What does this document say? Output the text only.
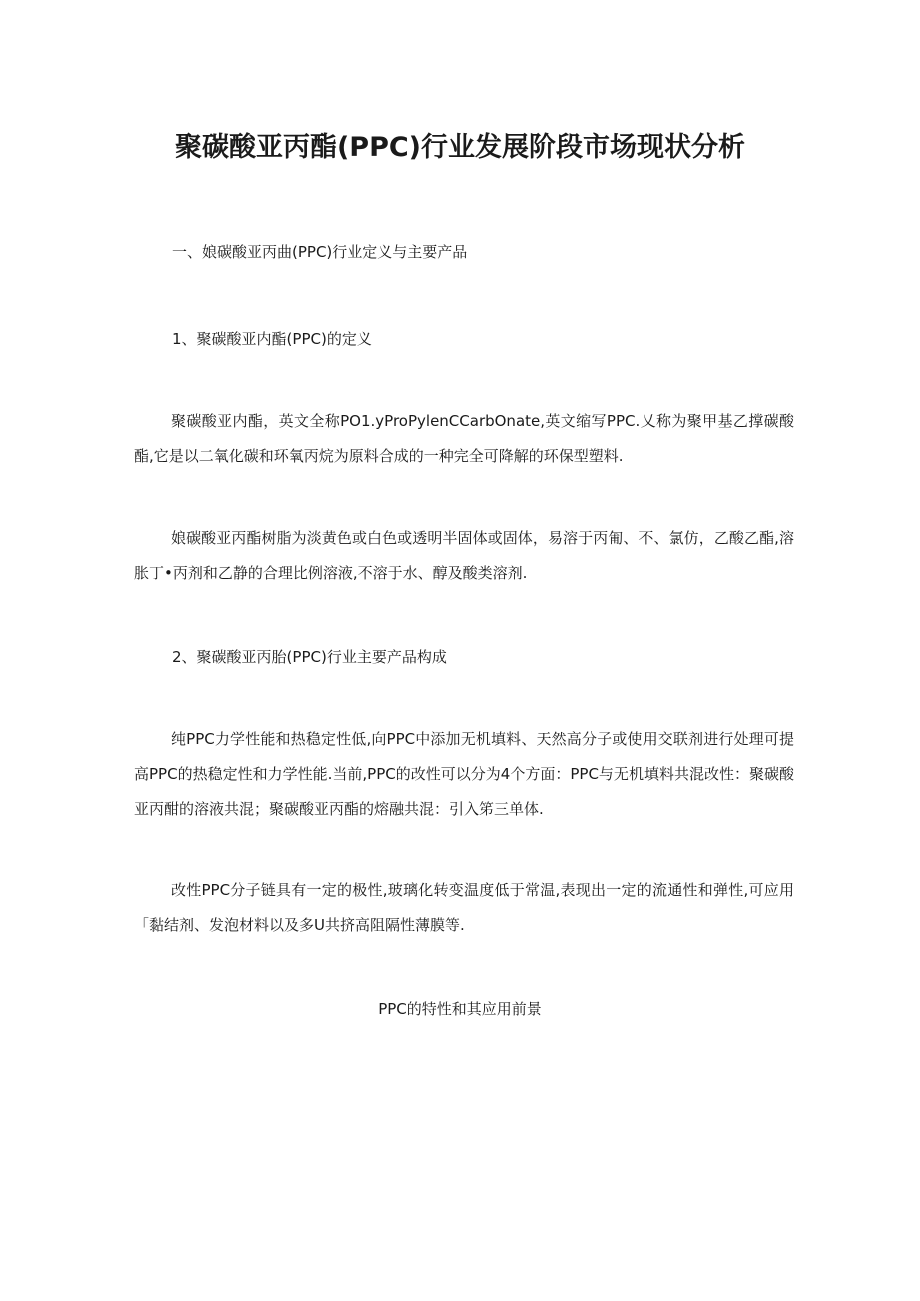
聚碳酸亚丙酯(PPC)行业发展阶段市场现状分析
一、娘碳酸亚丙曲(PPC)行业定义与主要产品
1、聚碳酸亚内酯(PPC)的定义
聚碳酸亚内酯，英文全称PO1.yProPylenCCarbOnate,英文缩写PPC.乂称为聚甲基乙撑碳酸酯,它是以二氧化碳和环氧丙烷为原料合成的一种完全可降解的环保型塑料.
娘碳酸亚丙酯树脂为淡黄色或白色或透明半固体或固体，易溶于丙匍、不、氯仿，乙酸乙酯,溶胀丁•丙剂和乙静的合理比例溶液,不溶于水、醇及酸类溶剂.
2、聚碳酸亚丙胎(PPC)行业主要产品构成
纯PPC力学性能和热稳定性低,向PPC中添加无机填料、天然高分子或使用交联剂进行处理可提高PPC的热稳定性和力学性能.当前,PPC的改性可以分为4个方面：PPC与无机填料共混改性：聚碳酸亚丙酣的溶液共混；聚碳酸亚丙酯的熔融共混：引入笫三单体.
改性PPC分子链具有一定的极性,玻璃化转变温度低于常温,表现出一定的流通性和弹性,可应用「黏结剂、发泡材料以及多U共挤高阻隔性薄膜等.
PPC的特性和其应用前景
